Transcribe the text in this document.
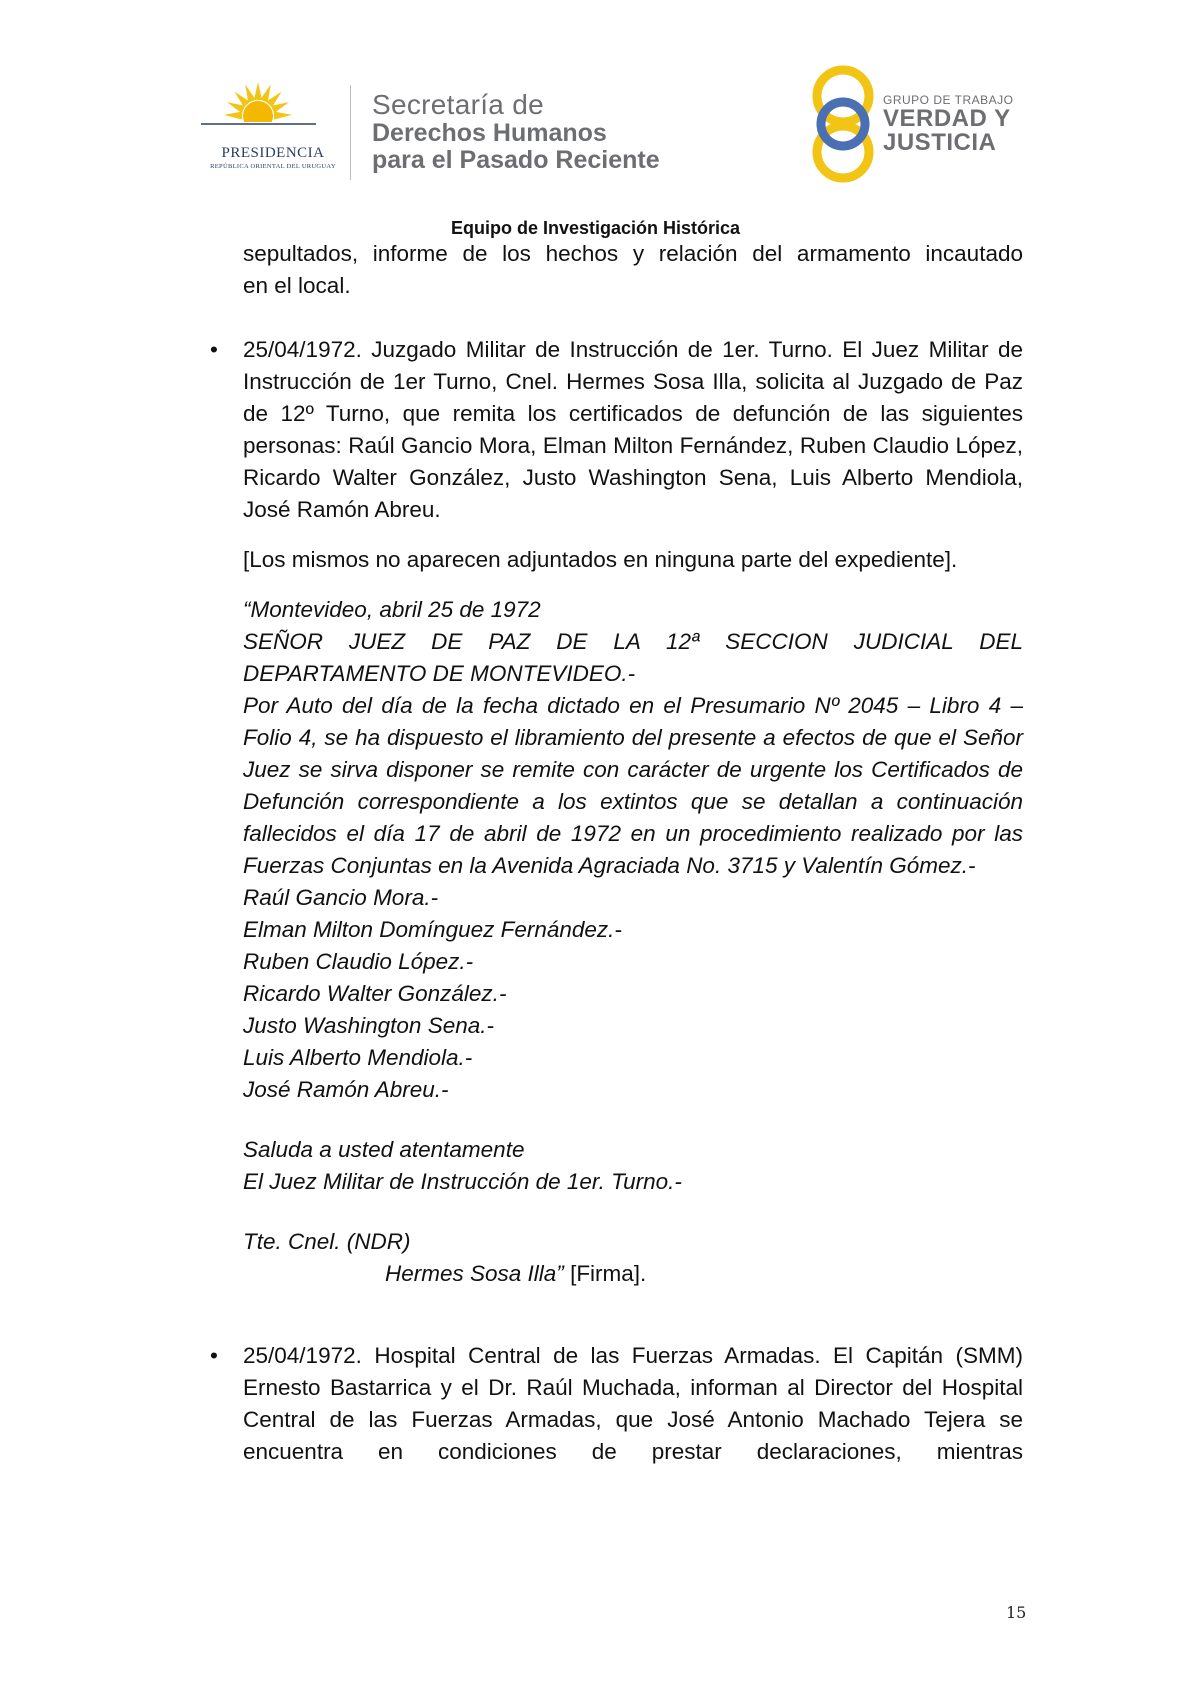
PRESIDENCIA
REPÚBLICA ORIENTAL DEL URUGUAY
Secretaría de
Derechos Humanos
para el Pasado Reciente
GRUPO DE TRABAJO
VERDAD Y
JUSTICIA
Equipo de Investigación Histórica

sepultados, informe de los hechos y relación del armamento incautado
en el local.

• 25/04/1972. Juzgado Militar de Instrucción de 1er. Turno. El Juez Militar de Instrucción de 1er Turno, Cnel. Hermes Sosa Illa, solicita al Juzgado de Paz de 12º Turno, que remita los certificados de defunción de las siguientes personas: Raúl Gancio Mora, Elman Milton Fernández, Ruben Claudio López, Ricardo Walter González, Justo Washington Sena, Luis Alberto Mendiola, José Ramón Abreu.

[Los mismos no aparecen adjuntados en ninguna parte del expediente].

“Montevideo, abril 25 de 1972

SEÑOR JUEZ DE PAZ DE LA 12ª SECCION JUDICIAL DEL DEPARTAMENTO DE MONTEVIDEO.-

Por Auto del día de la fecha dictado en el Presumario Nº 2045 – Libro 4 – Folio 4, se ha dispuesto el libramiento del presente a efectos de que el Señor Juez se sirva disponer se remite con carácter de urgente los Certificados de Defunción correspondiente a los extintos que se detallan a continuación fallecidos el día 17 de abril de 1972 en un procedimiento realizado por las Fuerzas Conjuntas en la Avenida Agraciada No. 3715 y Valentín Gómez.-

Raúl Gancio Mora.-

Elman Milton Domínguez Fernández.-

Ruben Claudio López.-

Ricardo Walter González.-

Justo Washington Sena.-

Luis Alberto Mendiola.-

José Ramón Abreu.-

Saluda a usted atentamente

El Juez Militar de Instrucción de 1er. Turno.-

Tte. Cnel. (NDR)

Hermes Sosa Illa” [Firma].

• 25/04/1972. Hospital Central de las Fuerzas Armadas. El Capitán (SMM) Ernesto Bastarrica y el Dr. Raúl Muchada, informan al Director del Hospital Central de las Fuerzas Armadas, que José Antonio Machado Tejera se encuentra en condiciones de prestar declaraciones, mientras

15
